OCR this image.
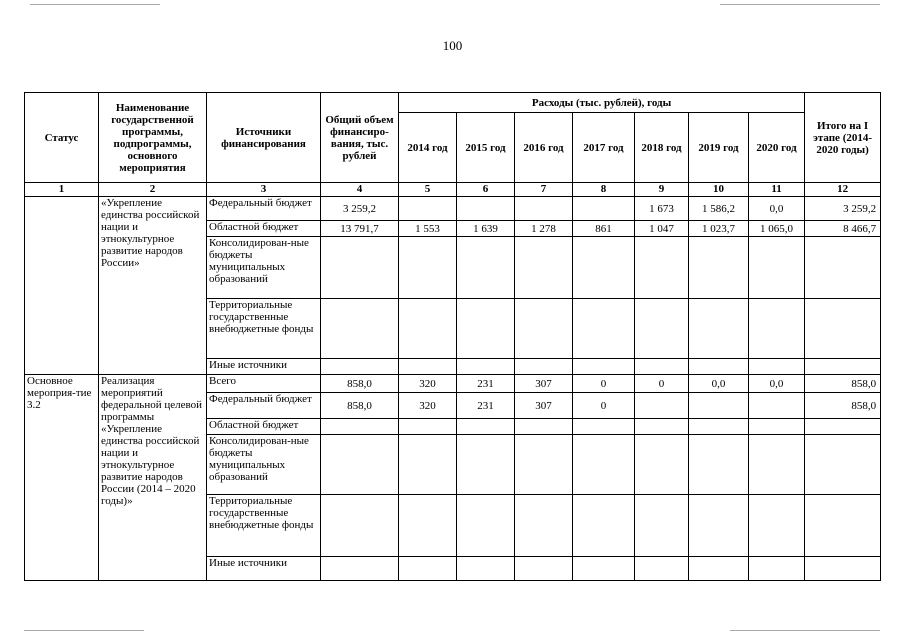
100
Статус	Наименование государственной программы, подпрограммы, основного мероприятия	Источники финансирования	Общий объем финансиро-вания, тыс. рублей	Расходы (тыс. рублей), годы							Итого на I этапе (2014-2020 годы)
				2014 год	2015 год	2016 год	2017 год	2018 год	2019 год	2020 год	
1	2	3	4	5	6	7	8	9	10	11	12
	«Укрепление единства российской нации и этнокультурное развитие народов России»	Федеральный бюджет	3 259,2					1 673	1 586,2	0,0	3 259,2
		Областной бюджет	13 791,7	1 553	1 639	1 278	861	1 047	1 023,7	1 065,0	8 466,7
		Консолидирован-ные бюджеты муниципальных образований									
		Территориальные государственные внебюджетные фонды									
		Иные источники									
Основное мероприя-тие 3.2	Реализация мероприятий федеральной целевой программы «Укрепление единства российской нации и этнокультурное развитие народов России (2014 – 2020 годы)»	Всего	858,0	320	231	307	0	0	0,0	0,0	858,0
		Федеральный бюджет	858,0	320	231	307	0				858,0
		Областной бюджет									
		Консолидирован-ные бюджеты муниципальных образований									
		Территориальные государственные внебюджетные фонды									
		Иные источники									
